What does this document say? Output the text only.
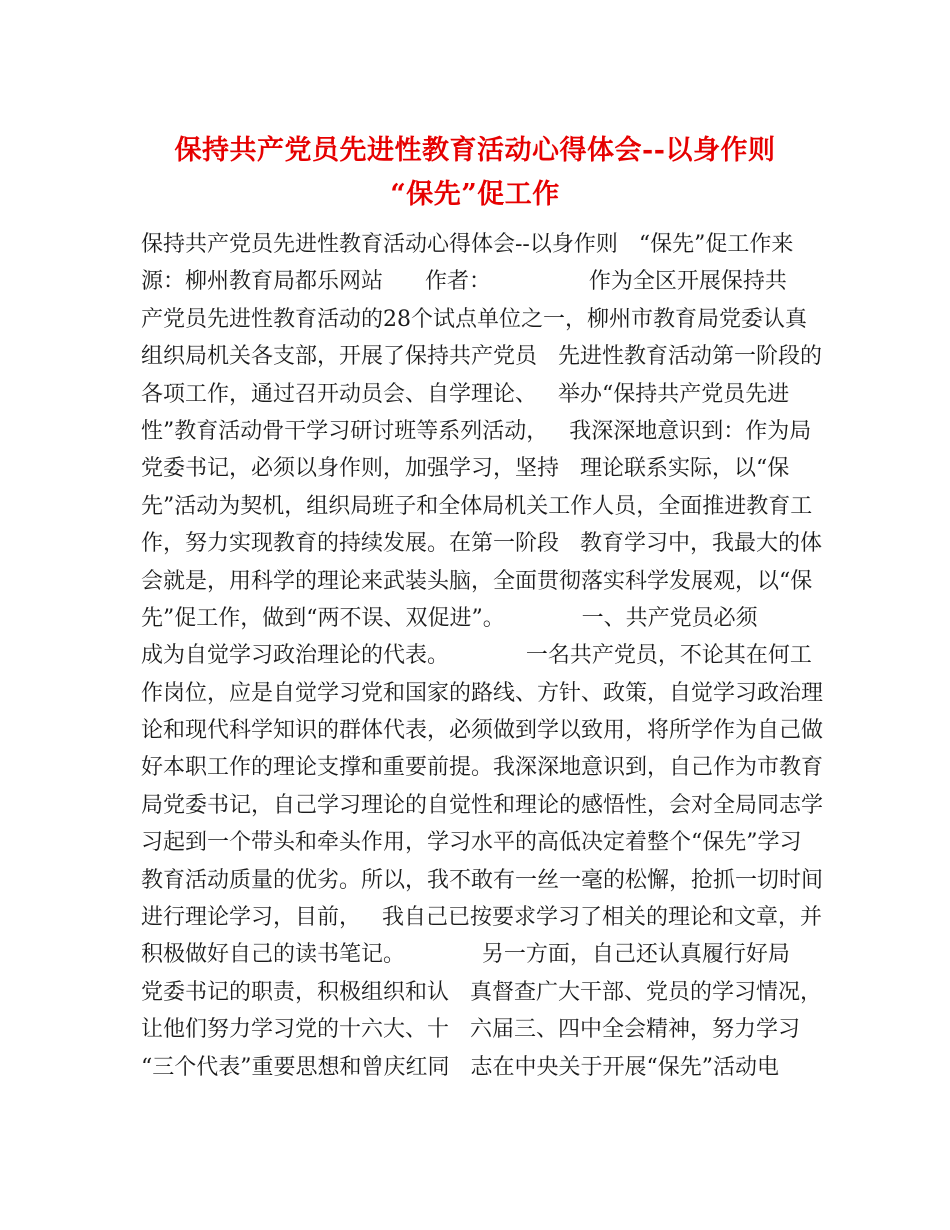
保持共产党员先进性教育活动心得体会--以身作则
“保先”促工作
保持共产党员先进性教育活动心得体会--以身作则   “保先”促工作来
源：柳州教育局都乐网站      作者：              作为全区开展保持共
产党员先进性教育活动的28个试点单位之一，柳州市教育局党委认真
组织局机关各支部，开展了保持共产党员   先进性教育活动第一阶段的
各项工作，通过召开动员会、自学理论、   举办“保持共产党员先进
性”教育活动骨干学习研讨班等系列活动，   我深深地意识到：作为局
党委书记，必须以身作则，加强学习，坚持   理论联系实际，以“保
先”活动为契机，组织局班子和全体局机关工作人员，全面推进教育工
作，努力实现教育的持续发展。在第一阶段   教育学习中，我最大的体
会就是，用科学的理论来武装头脑，全面贯彻落实科学发展观，以“保
先”促工作，做到“两不误、双促进”。           一、共产党员必须
成为自觉学习政治理论的代表。           一名共产党员，不论其在何工
作岗位，应是自觉学习党和国家的路线、方针、政策，自觉学习政治理
论和现代科学知识的群体代表，必须做到学以致用，将所学作为自己做
好本职工作的理论支撑和重要前提。我深深地意识到，自己作为市教育
局党委书记，自己学习理论的自觉性和理论的感悟性，会对全局同志学
习起到一个带头和牵头作用，学习水平的高低决定着整个“保先”学习
教育活动质量的优劣。所以，我不敢有一丝一毫的松懈，抢抓一切时间
进行理论学习，目前，   我自己已按要求学习了相关的理论和文章，并
积极做好自己的读书笔记。           另一方面，自己还认真履行好局
党委书记的职责，积极组织和认   真督查广大干部、党员的学习情况，
让他们努力学习党的十六大、十   六届三、四中全会精神，努力学习
“三个代表”重要思想和曾庆红同   志在中央关于开展“保先”活动电
